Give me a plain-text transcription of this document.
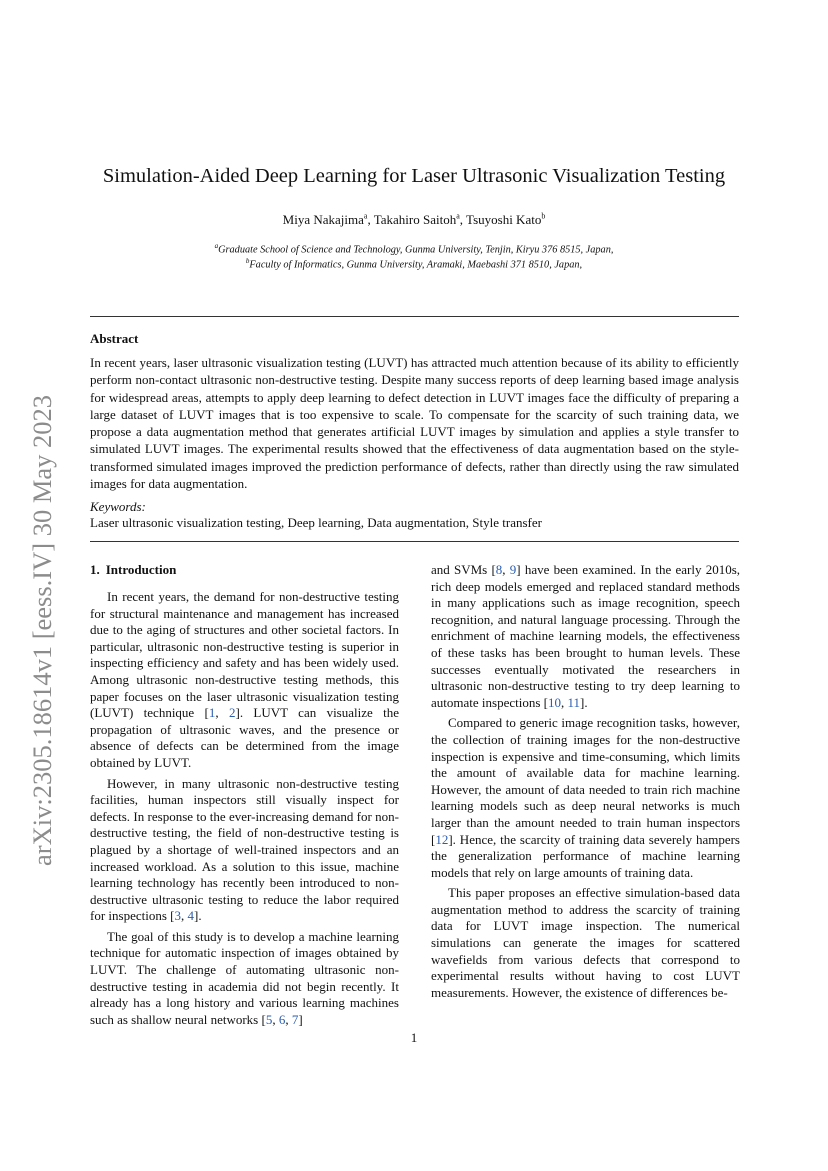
arXiv:2305.18614v1 [eess.IV] 30 May 2023
Simulation-Aided Deep Learning for Laser Ultrasonic Visualization Testing
Miya Nakajima$^a$, Takahiro Saitoh$^a$, Tsuyoshi Kato$^b$
$^a$Graduate School of Science and Technology, Gunma University, Tenjin, Kiryu 376 8515, Japan,
$^b$Faculty of Informatics, Gunma University, Aramaki, Maebashi 371 8510, Japan,
Abstract

In recent years, laser ultrasonic visualization testing (LUVT) has attracted much attention because of its ability to efficiently perform non-contact ultrasonic non-destructive testing. Despite many success reports of deep learning based image analysis for widespread areas, attempts to apply deep learning to defect detection in LUVT images face the difficulty of preparing a large dataset of LUVT images that is too expensive to scale. To compensate for the scarcity of such training data, we propose a data augmentation method that generates artificial LUVT images by simulation and applies a style transfer to simulated LUVT images. The experimental results showed that the effectiveness of data augmentation based on the style-transformed simulated images improved the prediction performance of defects, rather than directly using the raw simulated images for data augmentation.

Keywords:
Laser ultrasonic visualization testing, Deep learning, Data augmentation, Style transfer
1. Introduction

In recent years, the demand for non-destructive testing for structural maintenance and management has increased due to the aging of structures and other societal factors. In particular, ultrasonic non-destructive testing is superior in inspecting efficiency and safety and has been widely used. Among ultrasonic non-destructive testing methods, this paper focuses on the laser ultrasonic visualization testing (LUVT) technique [1, 2]. LUVT can visualize the propagation of ultrasonic waves, and the presence or absence of defects can be determined from the image obtained by LUVT.

However, in many ultrasonic non-destructive testing facilities, human inspectors still visually inspect for defects. In response to the ever-increasing demand for non-destructive testing, the field of non-destructive testing is plagued by a shortage of well-trained inspectors and an increased workload. As a solution to this issue, machine learning technology has recently been introduced to non-destructive ultrasonic testing to reduce the labor required for inspections [3, 4].

The goal of this study is to develop a machine learning technique for automatic inspection of images obtained by LUVT. The challenge of automating ultrasonic non-destructive testing in academia did not begin recently. It already has a long history and various learning machines such as shallow neural networks [5, 6, 7]

and SVMs [8, 9] have been examined. In the early 2010s, rich deep models emerged and replaced standard methods in many applications such as image recognition, speech recognition, and natural language processing. Through the enrichment of machine learning models, the effectiveness of these tasks has been brought to human levels. These successes eventually motivated the researchers in ultrasonic non-destructive testing to try deep learning to automate inspections [10, 11].

Compared to generic image recognition tasks, however, the collection of training images for the non-destructive inspection is expensive and time-consuming, which limits the amount of available data for machine learning. However, the amount of data needed to train rich machine learning models such as deep neural networks is much larger than the amount needed to train human inspectors [12]. Hence, the scarcity of training data severely hampers the generalization performance of machine learning models that rely on large amounts of training data.

This paper proposes an effective simulation-based data augmentation method to address the scarcity of training data for LUVT image inspection. The numerical simulations can generate the images for scattered wavefields from various defects that correspond to experimental results without having to cost LUVT measurements. However, the existence of differences be-

1
